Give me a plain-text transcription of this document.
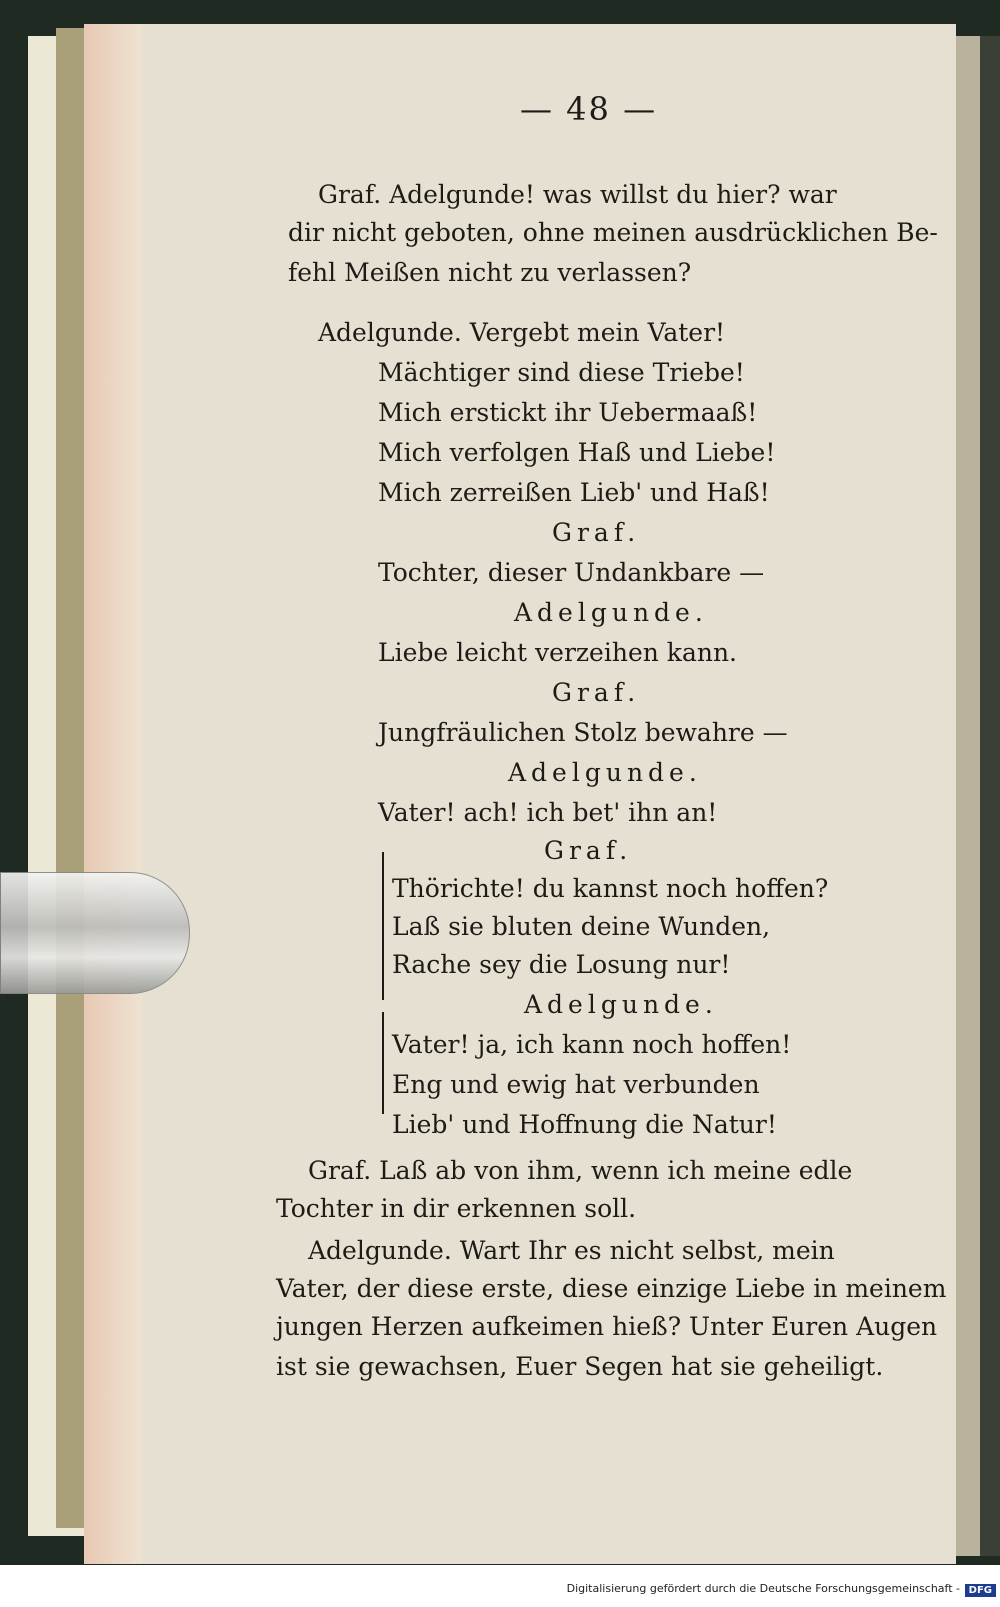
— 48 —
Graf. Adelgunde! was willst du hier? war
dir nicht geboten, ohne meinen ausdrücklichen Be-
fehl Meißen nicht zu verlassen?
Adelgunde. Vergebt mein Vater!
Mächtiger sind diese Triebe!
Mich erstickt ihr Uebermaaß!
Mich verfolgen Haß und Liebe!
Mich zerreißen Lieb' und Haß!
Graf.
Tochter, dieser Undankbare —
Adelgunde.
Liebe leicht verzeihen kann.
Graf.
Jungfräulichen Stolz bewahre —
Adelgunde.
Vater! ach! ich bet' ihn an!
Graf.
Thörichte! du kannst noch hoffen?
Laß sie bluten deine Wunden,
Rache sey die Losung nur!
Adelgunde.
Vater! ja, ich kann noch hoffen!
Eng und ewig hat verbunden
Lieb' und Hoffnung die Natur!
Graf. Laß ab von ihm, wenn ich meine edle
Tochter in dir erkennen soll.
Adelgunde. Wart Ihr es nicht selbst, mein
Vater, der diese erste, diese einzige Liebe in meinem
jungen Herzen aufkeimen hieß? Unter Euren Augen
ist sie gewachsen, Euer Segen hat sie geheiligt.
Digitalisierung gefördert durch die Deutsche Forschungsgemeinschaft - DFG
